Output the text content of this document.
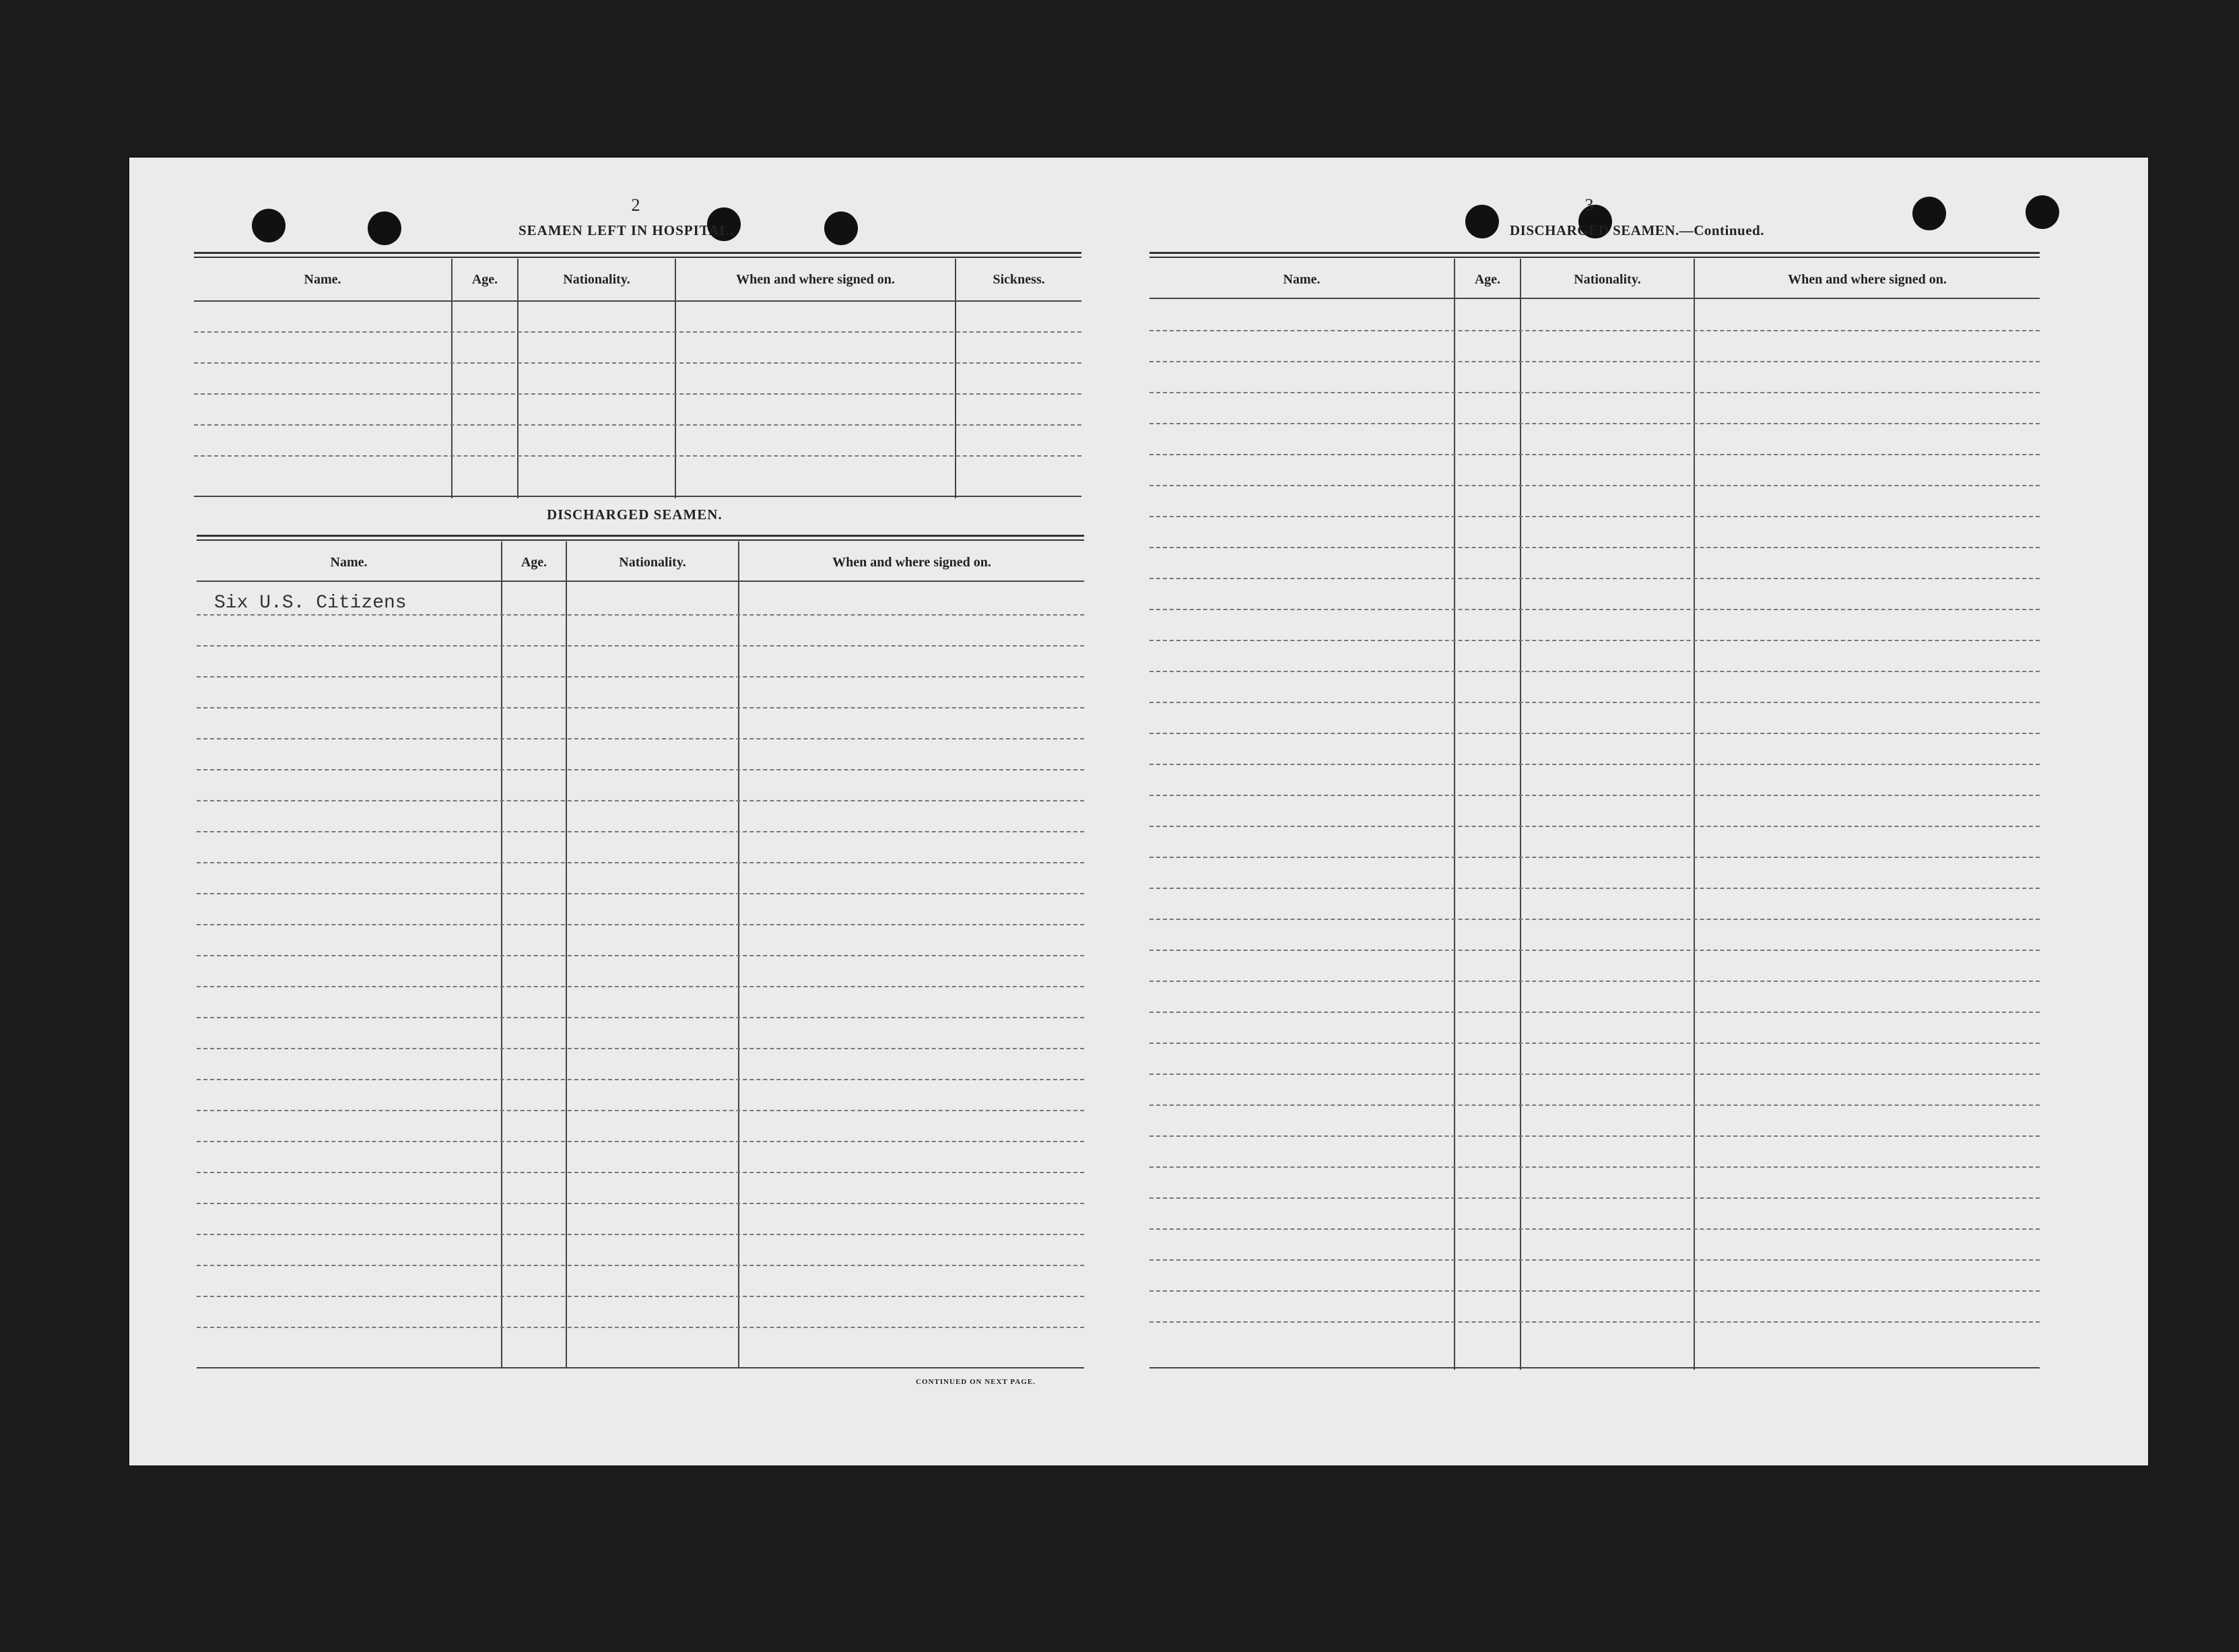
2
SEAMEN LEFT IN HOSPITAL.
Name.	Age.	Nationality.	When and where signed on.	Sickness.
DISCHARGED SEAMEN.
Name.	Age.	Nationality.	When and where signed on.
Six U.S. Citizens
CONTINUED ON NEXT PAGE.
3
DISCHARGED SEAMEN.—Continued.
Name.	Age.	Nationality.	When and where signed on.
